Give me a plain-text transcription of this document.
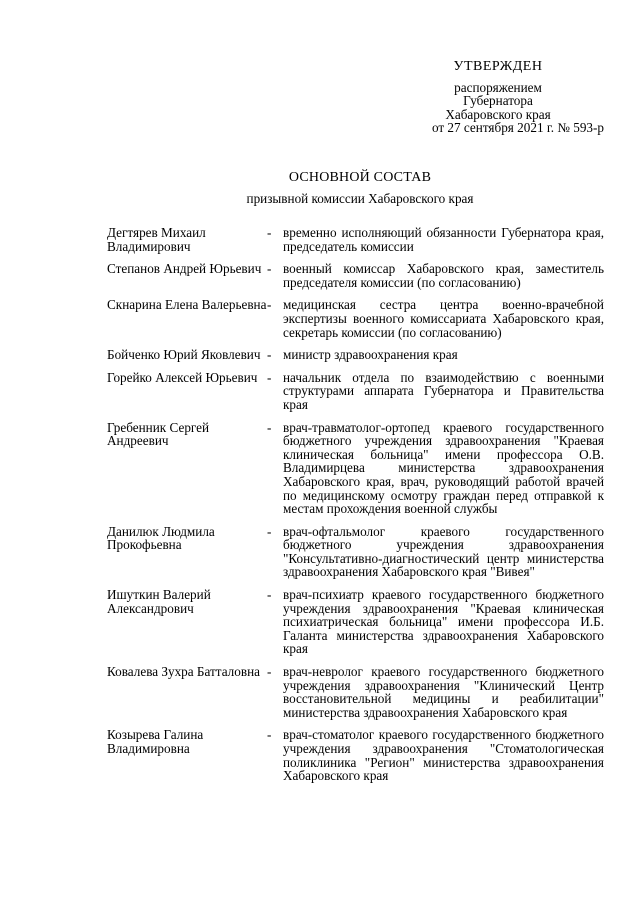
УТВЕРЖДЕН
распоряжением
Губернатора
Хабаровского края
от 27 сентября 2021 г. № 593-р
ОСНОВНОЙ СОСТАВ
призывной комиссии Хабаровского края
Дегтярев Михаил Владимирович
- временно исполняющий обязанности Губернатора края, председатель комиссии
Степанов Андрей Юрьевич - военный комиссар Хабаровского края, заместитель председателя комиссии (по согласованию)
Скнарина Елена Валерьевна - медицинская сестра центра военно-врачебной экспертизы военного комиссариата Хабаровского края, секретарь комиссии (по согласованию)
Бойченко Юрий Яковлевич - министр здравоохранения края
Горейко Алексей Юрьевич - начальник отдела по взаимодействию с военными структурами аппарата Губернатора и Правительства края
Гребенник Сергей Андреевич
- врач-травматолог-ортопед краевого государственного бюджетного учреждения здравоохранения "Краевая клиническая больница" имени профессора О.В. Владимирцева министерства здравоохранения Хабаровского края, врач, руководящий работой врачей по медицинскому осмотру граждан перед отправкой к местам прохождения военной службы
Данилюк Людмила Прокофьевна
- врач-офтальмолог краевого государственного бюджетного учреждения здравоохранения "Консультативно-диагностический центр министерства здравоохранения Хабаровского края "Вивея"
Ишуткин Валерий Александрович
- врач-психиатр краевого государственного бюджетного учреждения здравоохранения "Краевая клиническая психиатрическая больница" имени профессора И.Б. Галанта министерства здравоохранения Хабаровского края
Ковалева Зухра Батталовна - врач-невролог краевого государственного бюджетного учреждения здравоохранения "Клинический Центр восстановительной медицины и реабилитации" министерства здравоохранения Хабаровского края
Козырева Галина Владимировна
- врач-стоматолог краевого государственного бюджетного учреждения здравоохранения "Стоматологическая поликлиника "Регион" министерства здравоохранения Хабаровского края
